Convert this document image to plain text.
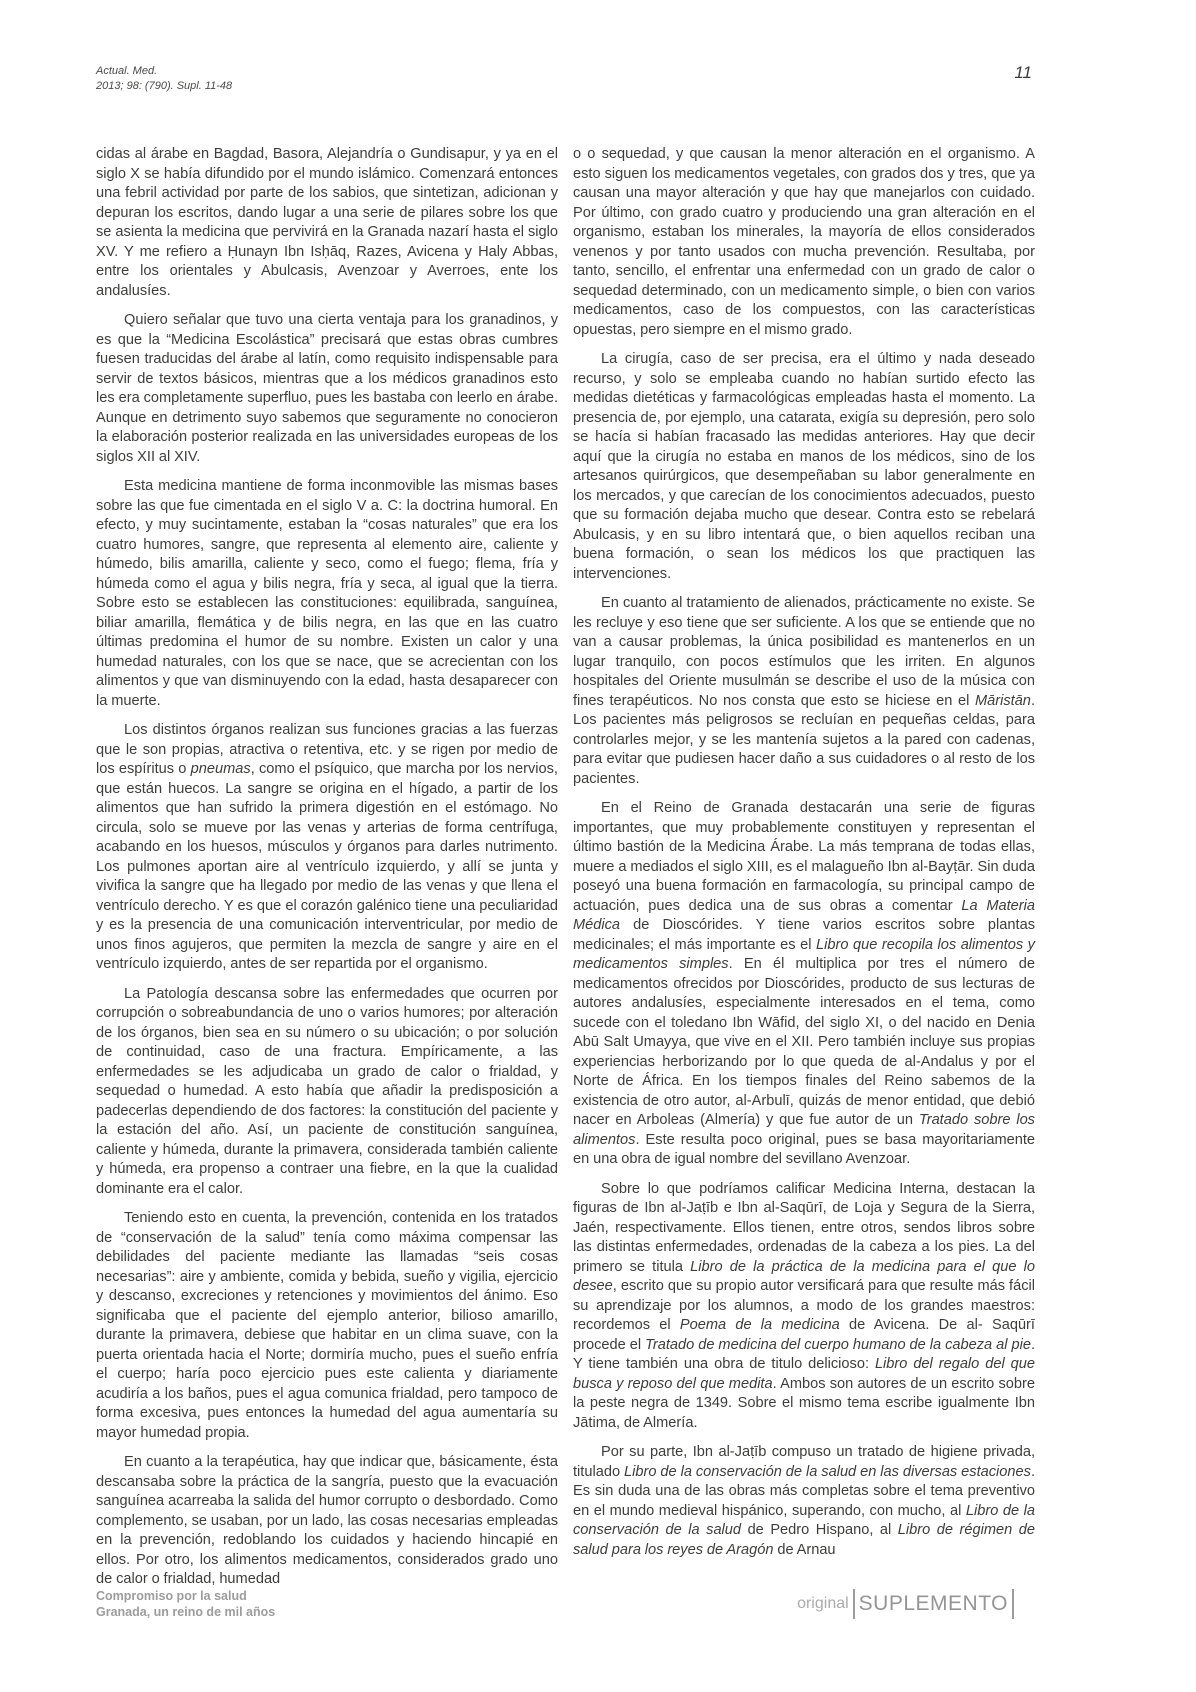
Actual. Med.
2013; 98: (790). Supl. 11-48
11

cidas al árabe en Bagdad, Basora, Alejandría o Gundisapur, y ya en el siglo X se había difundido por el mundo islámico. Comenzará entonces una febril actividad por parte de los sabios, que sintetizan, adicionan y depuran los escritos, dando lugar a una serie de pilares sobre los que se asienta la medicina que pervivirá en la Granada nazarí hasta el siglo XV. Y me refiero a Ḥunayn Ibn Isḥāq, Razes, Avicena y Haly Abbas, entre los orientales y Abulcasis, Avenzoar y Averroes, ente los andalusíes.

Quiero señalar que tuvo una cierta ventaja para los granadinos, y es que la “Medicina Escolástica” precisará que estas obras cumbres fuesen traducidas del árabe al latín, como requisito indispensable para servir de textos básicos, mientras que a los médicos granadinos esto les era completamente superfluo, pues les bastaba con leerlo en árabe. Aunque en detrimento suyo sabemos que seguramente no conocieron la elaboración posterior realizada en las universidades europeas de los siglos XII al XIV.

Esta medicina mantiene de forma inconmovible las mismas bases sobre las que fue cimentada en el siglo V a. C: la doctrina humoral. En efecto, y muy sucintamente, estaban la “cosas naturales” que era los cuatro humores, sangre, que representa al elemento aire, caliente y húmedo, bilis amarilla, caliente y seco, como el fuego; flema, fría y húmeda como el agua y bilis negra, fría y seca, al igual que la tierra. Sobre esto se establecen las constituciones: equilibrada, sanguínea, biliar amarilla, flemática y de bilis negra, en las que en las cuatro últimas predomina el humor de su nombre. Existen un calor y una humedad naturales, con los que se nace, que se acrecientan con los alimentos y que van disminuyendo con la edad, hasta desaparecer con la muerte.

Los distintos órganos realizan sus funciones gracias a las fuerzas que le son propias, atractiva o retentiva, etc. y se rigen por medio de los espíritus o pneumas, como el psíquico, que marcha por los nervios, que están huecos. La sangre se origina en el hígado, a partir de los alimentos que han sufrido la primera digestión en el estómago. No circula, solo se mueve por las venas y arterias de forma centrífuga, acabando en los huesos, músculos y órganos para darles nutrimento. Los pulmones aportan aire al ventrículo izquierdo, y allí se junta y vivifica la sangre que ha llegado por medio de las venas y que llena el ventrículo derecho. Y es que el corazón galénico tiene una peculiaridad y es la presencia de una comunicación interventricular, por medio de unos finos agujeros, que permiten la mezcla de sangre y aire en el ventrículo izquierdo, antes de ser repartida por el organismo.

La Patología descansa sobre las enfermedades que ocurren por corrupción o sobreabundancia de uno o varios humores; por alteración de los órganos, bien sea en su número o su ubicación; o por solución de continuidad, caso de una fractura. Empíricamente, a las enfermedades se les adjudicaba un grado de calor o frialdad, y sequedad o humedad. A esto había que añadir la predisposición a padecerlas dependiendo de dos factores: la constitución del paciente y la estación del año. Así, un paciente de constitución sanguínea, caliente y húmeda, durante la primavera, considerada también caliente y húmeda, era propenso a contraer una fiebre, en la que la cualidad dominante era el calor.

Teniendo esto en cuenta, la prevención, contenida en los tratados de “conservación de la salud” tenía como máxima compensar las debilidades del paciente mediante las llamadas “seis cosas necesarias”: aire y ambiente, comida y bebida, sueño y vigilia, ejercicio y descanso, excreciones y retenciones y movimientos del ánimo. Eso significaba que el paciente del ejemplo anterior, bilioso amarillo, durante la primavera, debiese que habitar en un clima suave, con la puerta orientada hacia el Norte; dormiría mucho, pues el sueño enfría el cuerpo; haría poco ejercicio pues este calienta y diariamente acudiría a los baños, pues el agua comunica frialdad, pero tampoco de forma excesiva, pues entonces la humedad del agua aumentaría su mayor humedad propia.

En cuanto a la terapéutica, hay que indicar que, básicamente, ésta descansaba sobre la práctica de la sangría, puesto que la evacuación sanguínea acarreaba la salida del humor corrupto o desbordado. Como complemento, se usaban, por un lado, las cosas necesarias empleadas en la prevención, redoblando los cuidados y haciendo hincapié en ellos. Por otro, los alimentos medicamentos, considerados grado uno de calor o frialdad, humedad

o o sequedad, y que causan la menor alteración en el organismo. A esto siguen los medicamentos vegetales, con grados dos y tres, que ya causan una mayor alteración y que hay que manejarlos con cuidado. Por último, con grado cuatro y produciendo una gran alteración en el organismo, estaban los minerales, la mayoría de ellos considerados venenos y por tanto usados con mucha prevención. Resultaba, por tanto, sencillo, el enfrentar una enfermedad con un grado de calor o sequedad determinado, con un medicamento simple, o bien con varios medicamentos, caso de los compuestos, con las características opuestas, pero siempre en el mismo grado.

La cirugía, caso de ser precisa, era el último y nada deseado recurso, y solo se empleaba cuando no habían surtido efecto las medidas dietéticas y farmacológicas empleadas hasta el momento. La presencia de, por ejemplo, una catarata, exigía su depresión, pero solo se hacía si habían fracasado las medidas anteriores. Hay que decir aquí que la cirugía no estaba en manos de los médicos, sino de los artesanos quirúrgicos, que desempeñaban su labor generalmente en los mercados, y que carecían de los conocimientos adecuados, puesto que su formación dejaba mucho que desear. Contra esto se rebelará Abulcasis, y en su libro intentará que, o bien aquellos reciban una buena formación, o sean los médicos los que practiquen las intervenciones.

En cuanto al tratamiento de alienados, prácticamente no existe. Se les recluye y eso tiene que ser suficiente. A los que se entiende que no van a causar problemas, la única posibilidad es mantenerlos en un lugar tranquilo, con pocos estímulos que les irriten. En algunos hospitales del Oriente musulmán se describe el uso de la música con fines terapéuticos. No nos consta que esto se hiciese en el Māristān. Los pacientes más peligrosos se recluían en pequeñas celdas, para controlarles mejor, y se les mantenía sujetos a la pared con cadenas, para evitar que pudiesen hacer daño a sus cuidadores o al resto de los pacientes.

En el Reino de Granada destacarán una serie de figuras importantes, que muy probablemente constituyen y representan el último bastión de la Medicina Árabe. La más temprana de todas ellas, muere a mediados el siglo XIII, es el malagueño Ibn al-Bayṭār. Sin duda poseyó una buena formación en farmacología, su principal campo de actuación, pues dedica una de sus obras a comentar La Materia Médica de Dioscórides. Y tiene varios escritos sobre plantas medicinales; el más importante es el Libro que recopila los alimentos y medicamentos simples. En él multiplica por tres el número de medicamentos ofrecidos por Dioscórides, producto de sus lecturas de autores andalusíes, especialmente interesados en el tema, como sucede con el toledano Ibn Wāfid, del siglo XI, o del nacido en Denia Abū Salt Umayya, que vive en el XII. Pero también incluye sus propias experiencias herborizando por lo que queda de al-Andalus y por el Norte de África. En los tiempos finales del Reino sabemos de la existencia de otro autor, al-Arbulī, quizás de menor entidad, que debió nacer en Arboleas (Almería) y que fue autor de un Tratado sobre los alimentos. Este resulta poco original, pues se basa mayoritariamente en una obra de igual nombre del sevillano Avenzoar.

Sobre lo que podríamos calificar Medicina Interna, destacan la figuras de Ibn al-Jaṭīb e Ibn al-Saqūrī, de Loja y Segura de la Sierra, Jaén, respectivamente. Ellos tienen, entre otros, sendos libros sobre las distintas enfermedades, ordenadas de la cabeza a los pies. La del primero se titula Libro de la práctica de la medicina para el que lo desee, escrito que su propio autor versificará para que resulte más fácil su aprendizaje por los alumnos, a modo de los grandes maestros: recordemos el Poema de la medicina de Avicena. De al- Saqūrī procede el Tratado de medicina del cuerpo humano de la cabeza al pie. Y tiene también una obra de titulo delicioso: Libro del regalo del que busca y reposo del que medita. Ambos son autores de un escrito sobre la peste negra de 1349. Sobre el mismo tema escribe igualmente Ibn Jātima, de Almería.

Por su parte, Ibn al-Jaṭīb compuso un tratado de higiene privada, titulado Libro de la conservación de la salud en las diversas estaciones. Es sin duda una de las obras más completas sobre el tema preventivo en el mundo medieval hispánico, superando, con mucho, al Libro de la conservación de la salud de Pedro Hispano, al Libro de régimen de salud para los reyes de Aragón de Arnau

Compromiso por la salud
Granada, un reino de mil años	original SUPLEMENTO
